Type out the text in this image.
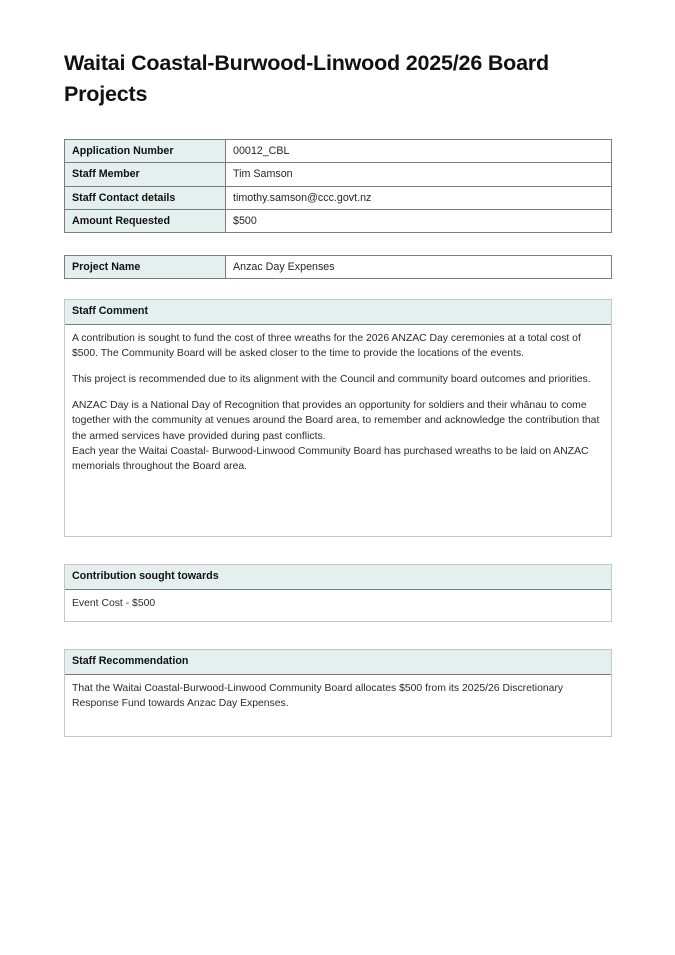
Waitai Coastal-Burwood-Linwood 2025/26 Board Projects
Application Number	00012_CBL
Staff Member	Tim Samson
Staff Contact details	timothy.samson@ccc.govt.nz
Amount Requested	$500
Project Name	Anzac Day Expenses
Staff Comment

A contribution is sought to fund the cost of three wreaths for the 2026 ANZAC Day ceremonies at a total cost of $500. The Community Board will be asked closer to the time to provide the locations of the events.

This project is recommended due to its alignment with the Council and community board outcomes and priorities.

ANZAC Day is a National Day of Recognition that provides an opportunity for soldiers and their whānau to come together with the community at venues around the Board area, to remember and acknowledge the contribution that the armed services have provided during past conflicts.

Each year the Waitai Coastal- Burwood-Linwood Community Board has purchased wreaths to be laid on ANZAC memorials throughout the Board area.

Contribution sought towards
Event Cost - $500
Staff Recommendation
That the Waitai Coastal-Burwood-Linwood Community Board allocates $500 from its 2025/26 Discretionary Response Fund towards Anzac Day Expenses.
